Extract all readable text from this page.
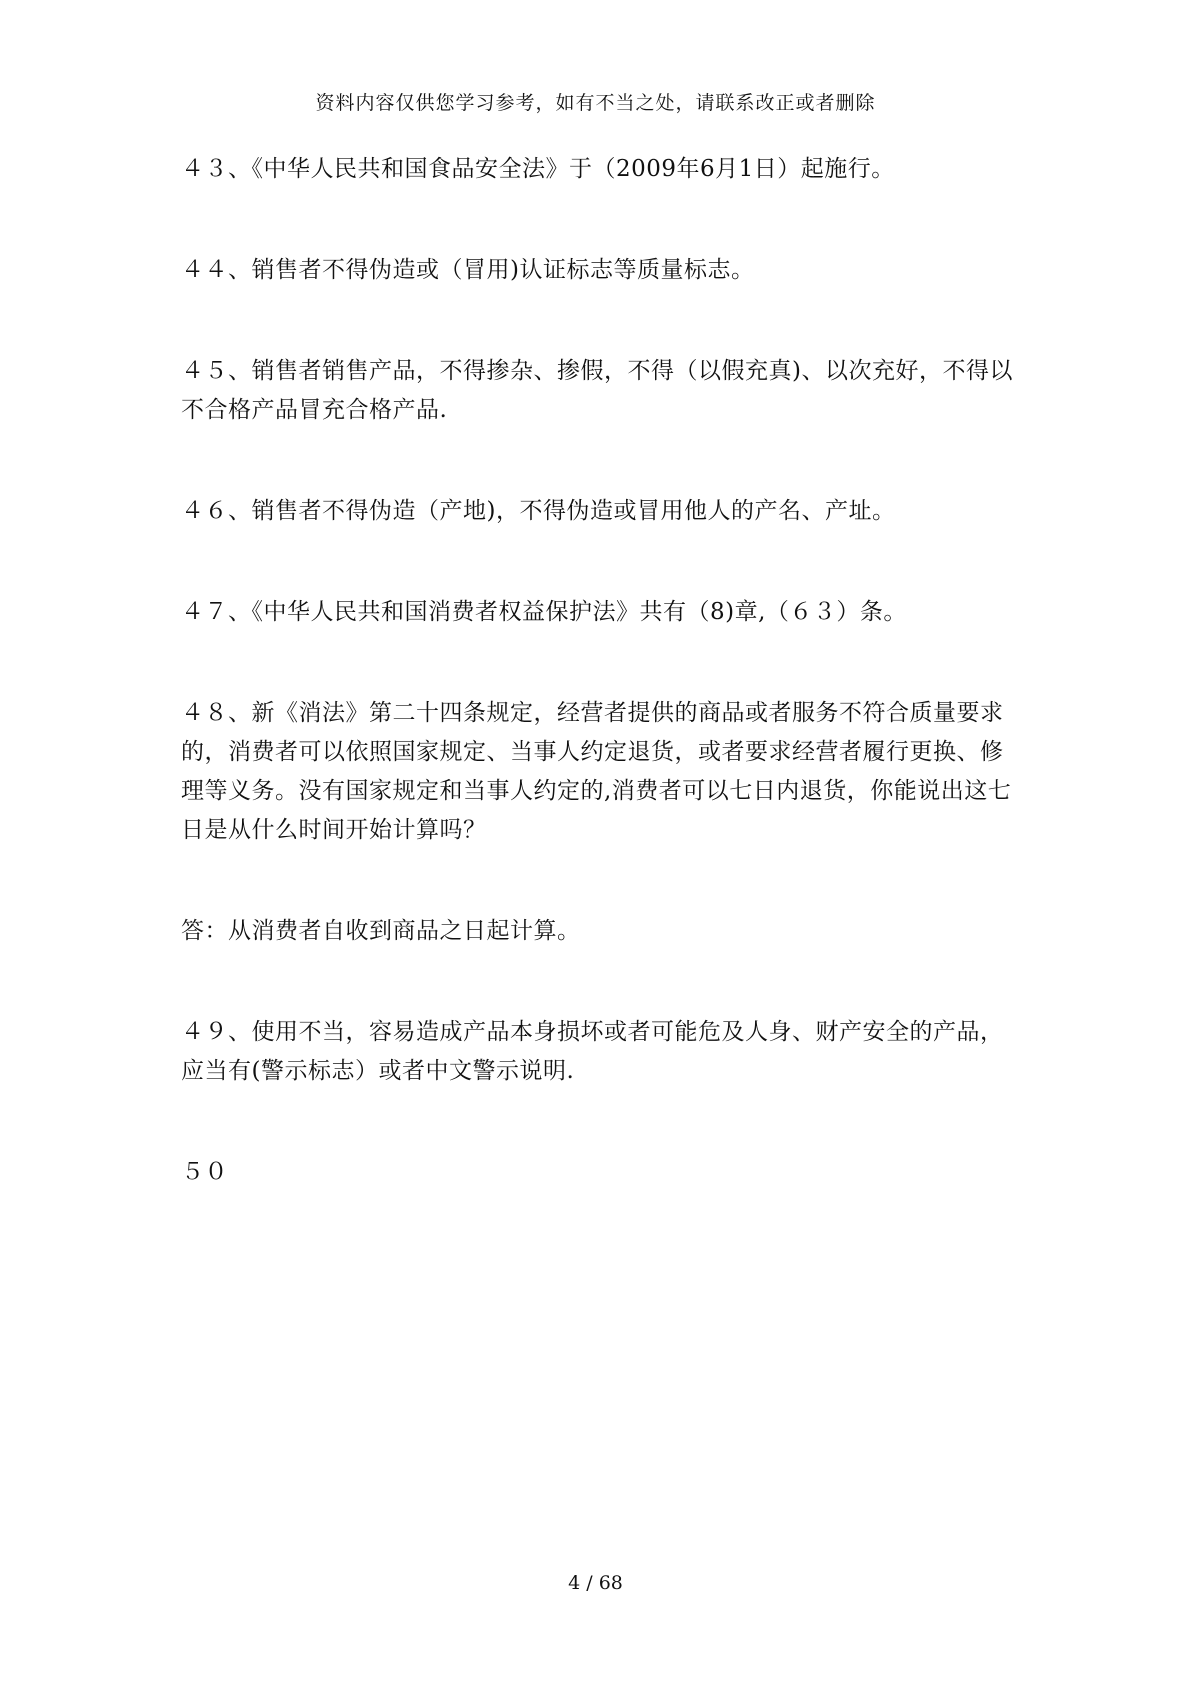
资料内容仅供您学习参考，如有不当之处，请联系改正或者删除

４３、《中华人民共和国食品安全法》于（2009年6月1日）起施行。

４４、销售者不得伪造或（冒用)认证标志等质量标志。

４５、销售者销售产品，不得掺杂、掺假，不得（以假充真)、以次充好，不得以不合格产品冒充合格产品.

４６、销售者不得伪造（产地)，不得伪造或冒用他人的产名、产址。

４７、《中华人民共和国消费者权益保护法》共有（8)章,（６３）条。

４８、新《消法》第二十四条规定，经营者提供的商品或者服务不符合质量要求的，消费者可以依照国家规定、当事人约定退货，或者要求经营者履行更换、修理等义务。没有国家规定和当事人约定的,消费者可以七日内退货，你能说出这七日是从什么时间开始计算吗？

答：从消费者自收到商品之日起计算。

４９、使用不当，容易造成产品本身损坏或者可能危及人身、财产安全的产品，应当有(警示标志）或者中文警示说明.

５０

4 / 68
